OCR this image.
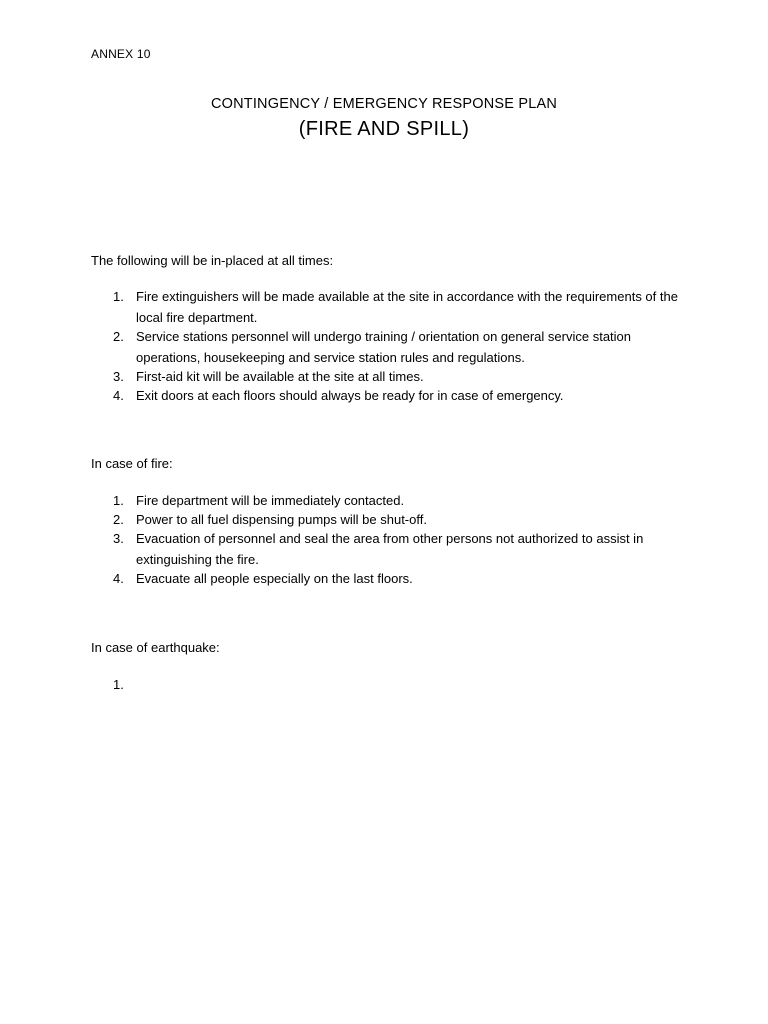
ANNEX 10
CONTINGENCY / EMERGENCY RESPONSE PLAN
(FIRE AND SPILL)
The following will be in-placed at all times:
1. Fire extinguishers will be made available at the site in accordance with the requirements of the local fire department.
2. Service stations personnel will undergo training / orientation on general service station operations, housekeeping and service station rules and regulations.
3. First-aid kit will be available at the site at all times.
4. Exit doors at each floors should always be ready for in case of emergency.
In case of fire:
1. Fire department will be immediately contacted.
2. Power to all fuel dispensing pumps will be shut-off.
3. Evacuation of personnel and seal the area from other persons not authorized to assist in extinguishing the fire.
4. Evacuate all people especially on the last floors.
In case of earthquake:
1.
